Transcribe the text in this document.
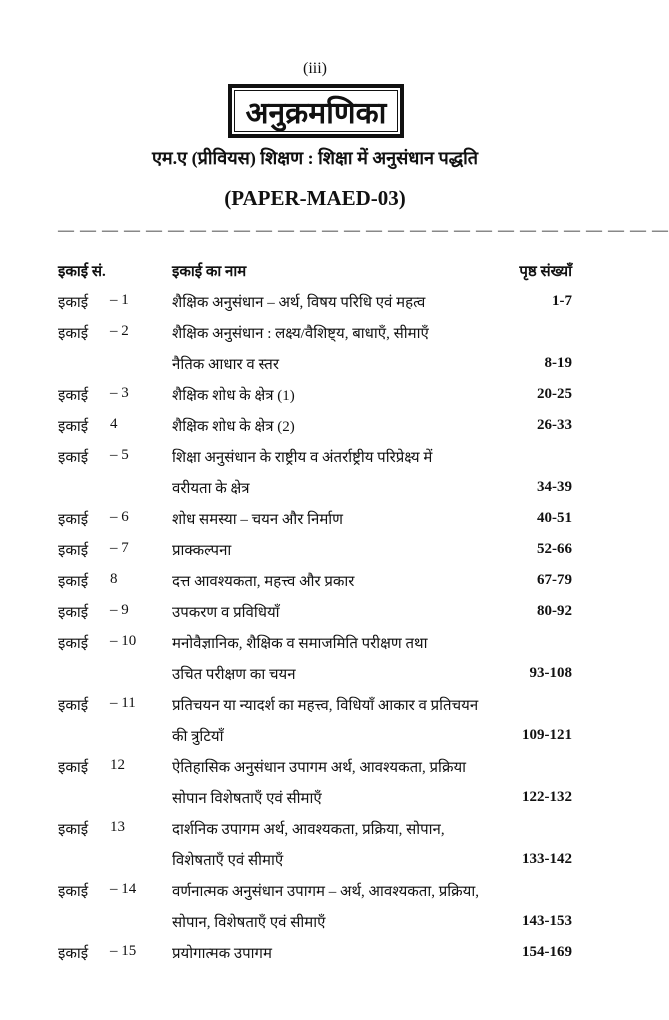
(iii)
अनुक्रमणिका
एम.ए (प्रीवियस) शिक्षण : शिक्षा में अनुसंधान पद्धति
(PAPER-MAED-03)
— — — — — — — — — — — — — — — — — — — — — — — — — — — —
इकाई सं.	इकाई का नाम	पृष्ठ संख्याँ
इकाई	– 1	शैक्षिक अनुसंधान – अर्थ, विषय परिधि एवं महत्व	1-7
इकाई	– 2	शैक्षिक अनुसंधान : लक्ष्य/वैशिष्ट्य, बाधाएँ, सीमाएँ
नैतिक आधार व स्तर	8-19
इकाई	– 3	शैक्षिक शोध के क्षेत्र (1)	20-25
इकाई	4	शैक्षिक शोध के क्षेत्र (2)	26-33
इकाई	– 5	शिक्षा अनुसंधान के राष्ट्रीय व अंतर्राष्ट्रीय परिप्रेक्ष्य में
वरीयता के क्षेत्र	34-39
इकाई	– 6	शोध समस्या – चयन और निर्माण	40-51
इकाई	– 7	प्राक्कल्पना	52-66
इकाई	8	दत्त आवश्यकता, महत्त्व और प्रकार	67-79
इकाई	– 9	उपकरण व प्रविधियाँ	80-92
इकाई	– 10 मनोवैज्ञानिक, शैक्षिक व समाजमिति परीक्षण तथा
उचित परीक्षण का चयन	93-108
इकाई	– 11 प्रतिचयन या न्यादर्श का महत्त्व, विधियाँ आकार व प्रतिचयन
की त्रुटियाँ	109-121
इकाई	12	ऐतिहासिक अनुसंधान उपागम अर्थ, आवश्यकता, प्रक्रिया
सोपान विशेषताएँ एवं सीमाएँ	122-132
इकाई	13	दार्शनिक उपागम अर्थ, आवश्यकता, प्रक्रिया, सोपान,
विशेषताएँ एवं सीमाएँ	133-142
इकाई	– 14 वर्णनात्मक अनुसंधान उपागम – अर्थ, आवश्यकता, प्रक्रिया,
सोपान, विशेषताएँ एवं सीमाएँ	143-153
इकाई	– 15 प्रयोगात्मक उपागम	154-169
